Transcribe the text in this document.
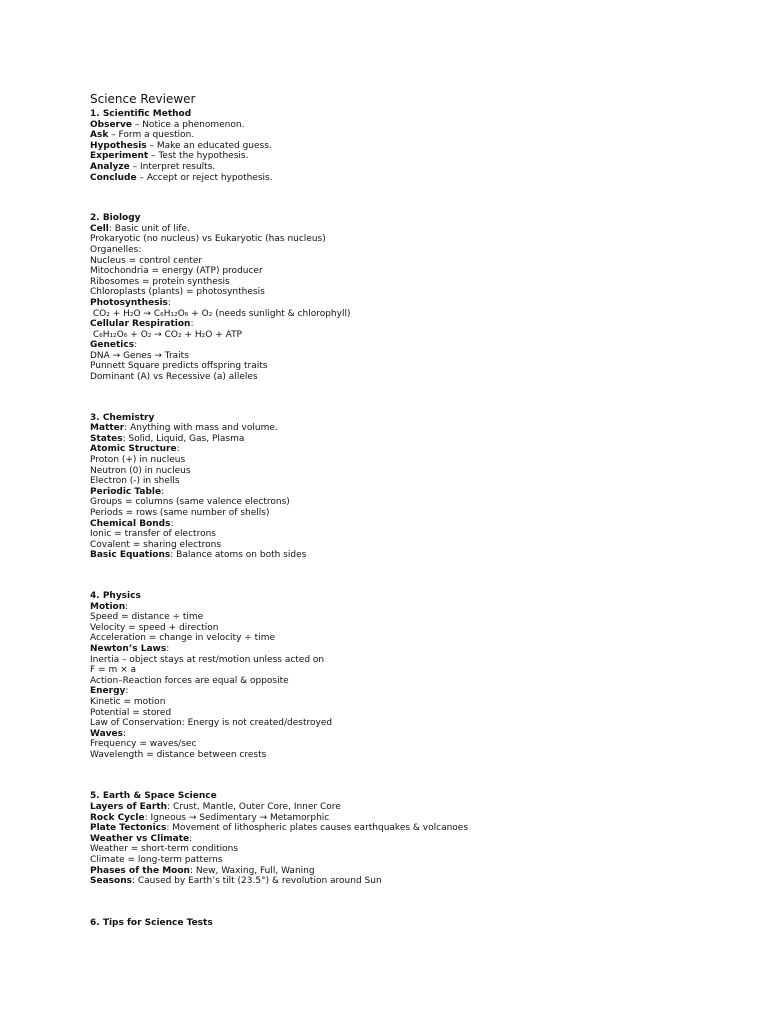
Science Reviewer
1. Scientific Method
Observe – Notice a phenomenon.
Ask – Form a question.
Hypothesis – Make an educated guess.
Experiment – Test the hypothesis.
Analyze – Interpret results.
Conclude – Accept or reject hypothesis.
2. Biology
Cell: Basic unit of life.
Prokaryotic (no nucleus) vs Eukaryotic (has nucleus)
Organelles:
Nucleus = control center
Mitochondria = energy (ATP) producer
Ribosomes = protein synthesis
Chloroplasts (plants) = photosynthesis
Photosynthesis:
CO₂ + H₂O → C₆H₁₂O₆ + O₂ (needs sunlight & chlorophyll)
Cellular Respiration:
C₆H₁₂O₆ + O₂ → CO₂ + H₂O + ATP
Genetics:
DNA → Genes → Traits
Punnett Square predicts offspring traits
Dominant (A) vs Recessive (a) alleles
3. Chemistry
Matter: Anything with mass and volume.
States: Solid, Liquid, Gas, Plasma
Atomic Structure:
Proton (+) in nucleus
Neutron (0) in nucleus
Electron (-) in shells
Periodic Table:
Groups = columns (same valence electrons)
Periods = rows (same number of shells)
Chemical Bonds:
Ionic = transfer of electrons
Covalent = sharing electrons
Basic Equations: Balance atoms on both sides
4. Physics
Motion:
Speed = distance ÷ time
Velocity = speed + direction
Acceleration = change in velocity ÷ time
Newton’s Laws:
Inertia – object stays at rest/motion unless acted on
F = m × a
Action–Reaction forces are equal & opposite
Energy:
Kinetic = motion
Potential = stored
Law of Conservation: Energy is not created/destroyed
Waves:
Frequency = waves/sec
Wavelength = distance between crests
5. Earth & Space Science
Layers of Earth: Crust, Mantle, Outer Core, Inner Core
Rock Cycle: Igneous → Sedimentary → Metamorphic
Plate Tectonics: Movement of lithospheric plates causes earthquakes & volcanoes
Weather vs Climate:
Weather = short-term conditions
Climate = long-term patterns
Phases of the Moon: New, Waxing, Full, Waning
Seasons: Caused by Earth’s tilt (23.5°) & revolution around Sun
6. Tips for Science Tests
